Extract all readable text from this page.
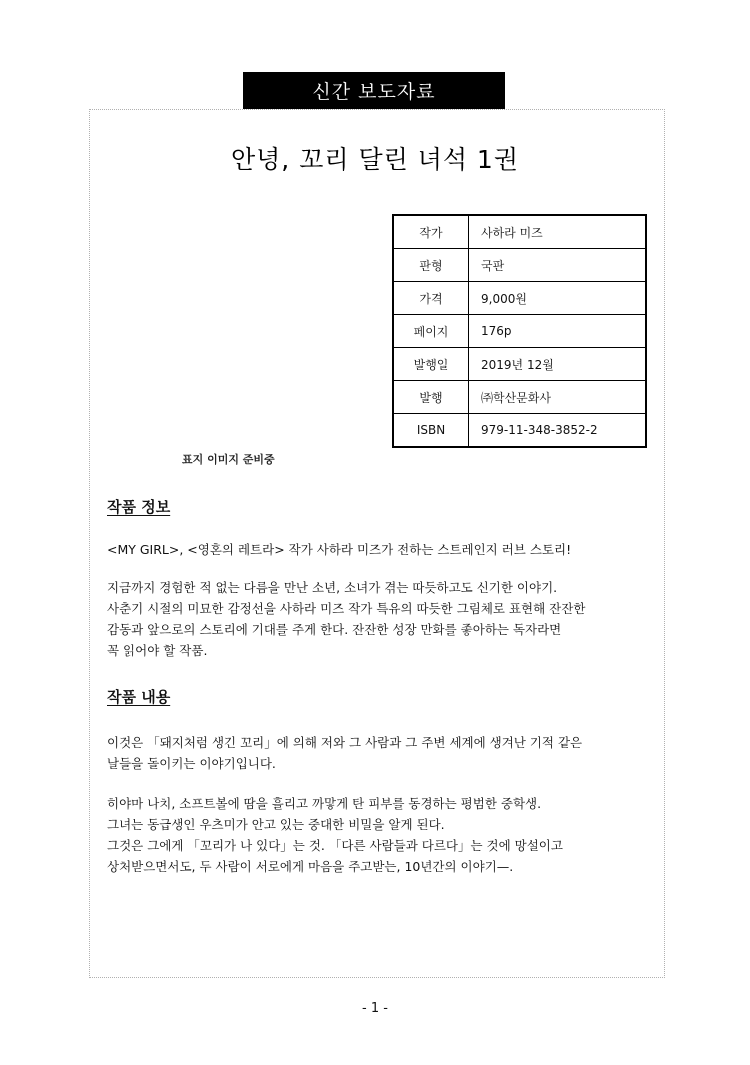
신간 보도자료
안녕, 꼬리 달린 녀석 1권
작가	사하라 미즈
판형	국판
가격	9,000원
페이지	176p
발행일	2019년 12월
발행	㈜학산문화사
ISBN	979-11-348-3852-2
표지 이미지 준비중
작품 정보
<MY GIRL>, <영혼의 레트라> 작가 사하라 미즈가 전하는 스트레인지 러브 스토리!
지금까지 경험한 적 없는 다름을 만난 소년, 소녀가 겪는 따듯하고도 신기한 이야기.
사춘기 시절의 미묘한 감정선을 사하라 미즈 작가 특유의 따듯한 그림체로 표현해 잔잔한
감동과 앞으로의 스토리에 기대를 주게 한다. 잔잔한 성장 만화를 좋아하는 독자라면
꼭 읽어야 할 작품.
작품 내용
이것은 「돼지처럼 생긴 꼬리」에 의해 저와 그 사람과 그 주변 세계에 생겨난 기적 같은
날들을 돌이키는 이야기입니다.
히야마 나치, 소프트볼에 땀을 흘리고 까맣게 탄 피부를 동경하는 평범한 중학생.
그녀는 동급생인 우츠미가 안고 있는 중대한 비밀을 알게 된다.
그것은 그에게 「꼬리가 나 있다」는 것. 「다른 사람들과 다르다」는 것에 망설이고
상처받으면서도, 두 사람이 서로에게 마음을 주고받는, 10년간의 이야기—.
- 1 -
